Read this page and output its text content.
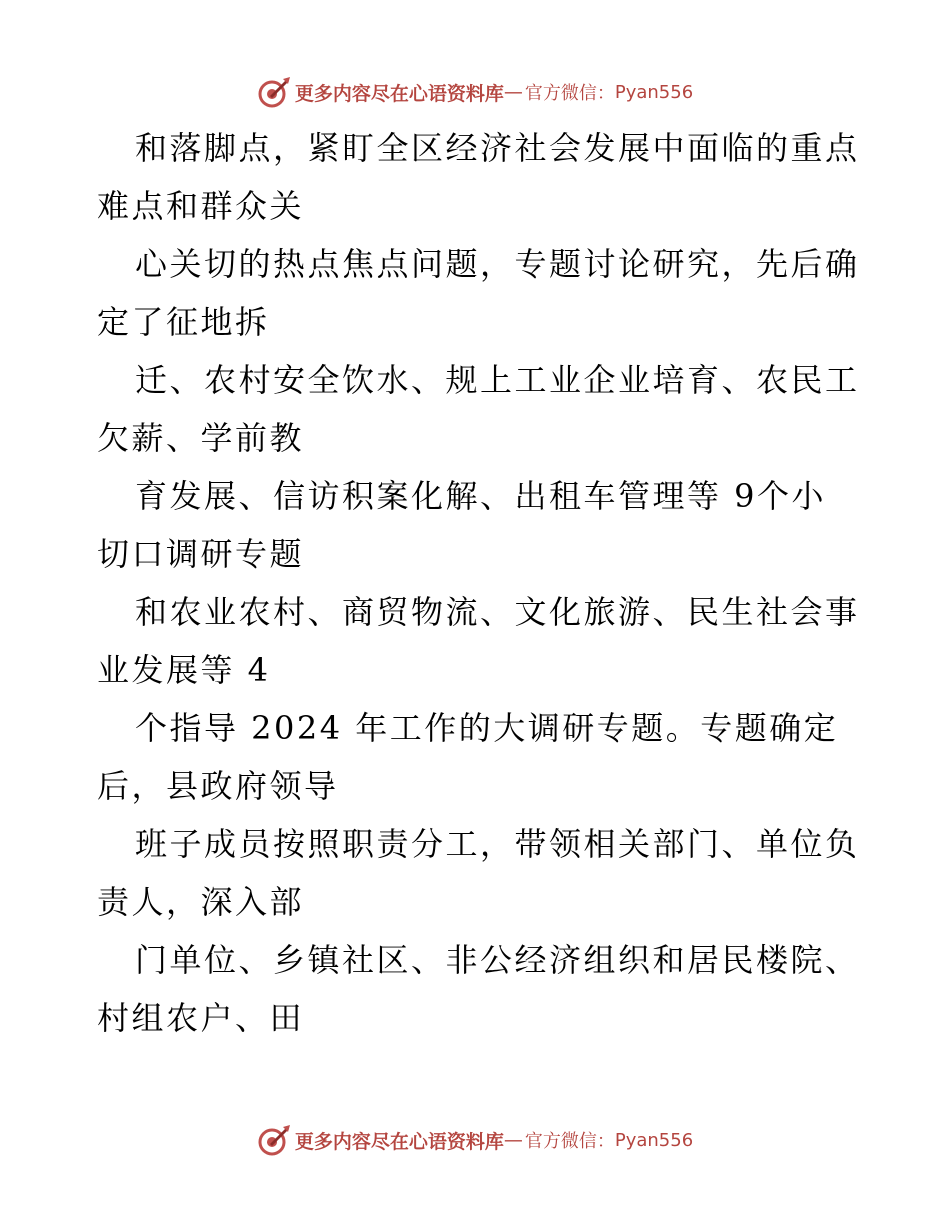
更多内容尽在心语资料库 — 官方微信： Pyan556
和落脚点，紧盯全区经济社会发展中面临的重点
难点和群众关
心关切的热点焦点问题，专题讨论研究，先后确
定了征地拆
迁、农村安全饮水、规上工业企业培育、农民工
欠薪、学前教
育发展、信访积案化解、出租车管理等 9个小
切口调研专题
和农业农村、商贸物流、文化旅游、民生社会事
业发展等 4
个指导 2024 年工作的大调研专题。专题确定
后，县政府领导
班子成员按照职责分工，带领相关部门、单位负
责人，深入部
门单位、乡镇社区、非公经济组织和居民楼院、
村组农户、田
更多内容尽在心语资料库 — 官方微信： Pyan556
